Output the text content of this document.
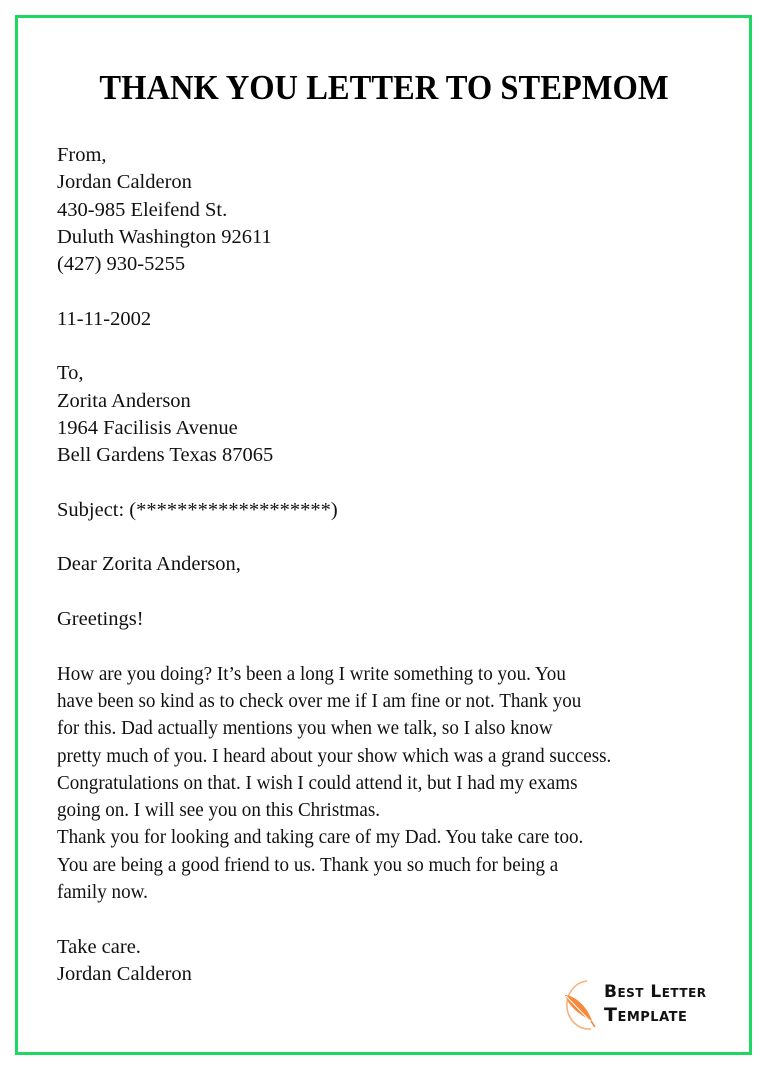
THANK YOU LETTER TO STEPMOM
From,
Jordan Calderon
430-985 Eleifend St.
Duluth Washington 92611
(427) 930-5255
11-11-2002
To,
Zorita Anderson
1964 Facilisis Avenue
Bell Gardens Texas 87065
Subject: (*******************)
Dear Zorita Anderson,
Greetings!
How are you doing? It’s been a long I write something to you. You
have been so kind as to check over me if I am fine or not. Thank you
for this. Dad actually mentions you when we talk, so I also know
pretty much of you. I heard about your show which was a grand success.
Congratulations on that. I wish I could attend it, but I had my exams
going on. I will see you on this Christmas.
Thank you for looking and taking care of my Dad. You take care too.
You are being a good friend to us. Thank you so much for being a
family now.
Take care.
Jordan Calderon
Best Letter
Template
